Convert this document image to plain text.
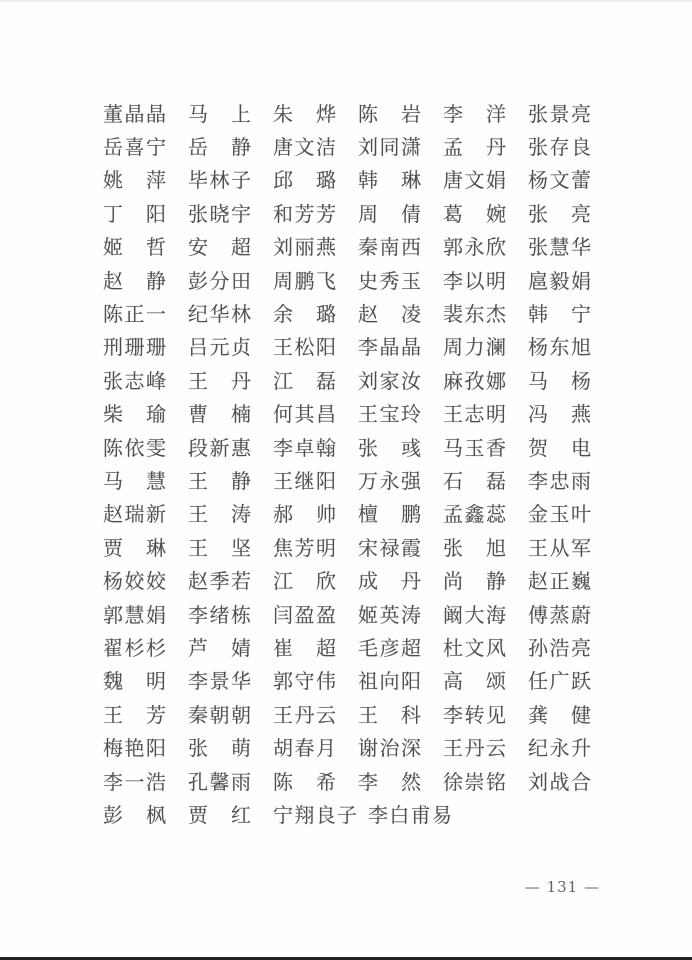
董晶晶 马上 朱烨 陈岩 李洋 张景亮
岳喜宁 岳静 唐文洁 刘同潇 孟丹 张存良
姚萍 毕林子 邱璐 韩琳 唐文娟 杨文蕾
丁阳 张晓宇 和芳芳 周倩 葛婉 张亮
姬哲 安超 刘丽燕 秦南西 郭永欣 张慧华
赵静 彭分田 周鹏飞 史秀玉 李以明 扈毅娟
陈正一 纪华林 余璐 赵凌 裴东杰 韩宁
刑珊珊 吕元贞 王松阳 李晶晶 周力澜 杨东旭
张志峰 王丹 江磊 刘家汝 麻孜娜 马杨
柴瑜 曹楠 何其昌 王宝玲 王志明 冯燕
陈依雯 段新惠 李卓翰 张彧 马玉香 贺电
马慧 王静 王继阳 万永强 石磊 李忠雨
赵瑞新 王涛 郝帅 檀鹏 孟鑫蕊 金玉叶
贾琳 王坚 焦芳明 宋禄霞 张旭 王从军
杨姣姣 赵季若 江欣 成丹 尚静 赵正巍
郭慧娟 李绪栋 闫盈盈 姬英涛 阚大海 傅蒸蔚
翟杉杉 芦婧 崔超 毛彦超 杜文风 孙浩亮
魏明 李景华 郭守伟 祖向阳 高颂 任广跃
王芳 秦朝朝 王丹云 王科 李转见 龚健
梅艳阳 张萌 胡春月 谢治深 王丹云 纪永升
李一浩 孔馨雨 陈希 李然 徐崇铭 刘战合
彭枫 贾红 宁翔良子 李白甫易
— 131 —
